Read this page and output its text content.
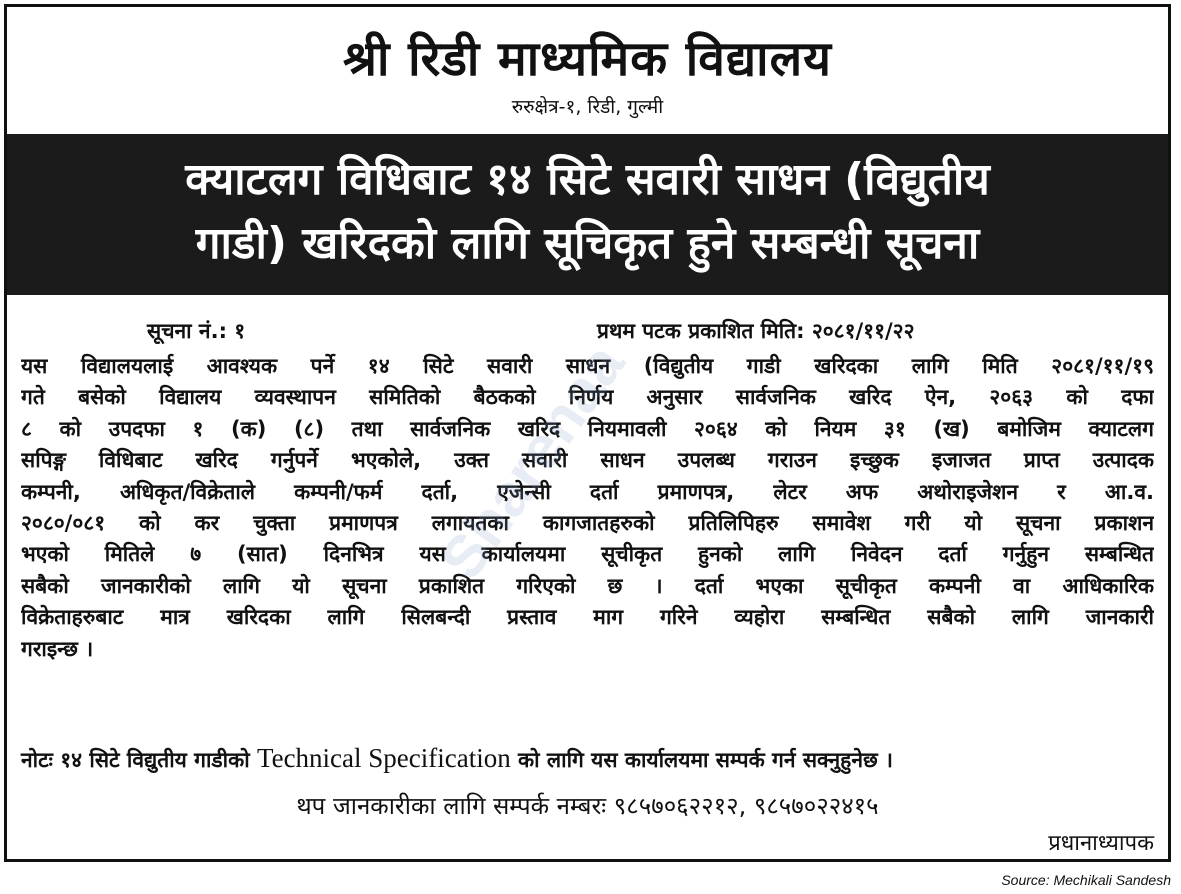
श्री रिडी माध्यमिक विद्यालय
रुरुक्षेत्र-१, रिडी, गुल्मी
क्याटलग विधिबाट १४ सिटे सवारी साधन (विद्युतीय
गाडी) खरिदको लागि सूचिकृत हुने सम्बन्धी सूचना
सूचना नं.: १	प्रथम पटक प्रकाशित मिति: २०८१/११/२२
यस विद्यालयलाई आवश्यक पर्ने १४ सिटे सवारी साधन (विद्युतीय गाडी खरिदका लागि मिति २०८१/११/१९
गते बसेको विद्यालय व्यवस्थापन समितिको बैठकको निर्णय अनुसार सार्वजनिक खरिद ऐन, २०६३ को दफा
८ को उपदफा १ (क) (८) तथा सार्वजनिक खरिद नियमावली २०६४ को नियम ३१ (ख) बमोजिम क्याटलग
सपिङ्ग विधिबाट खरिद गर्नुपर्ने भएकोले, उक्त सवारी साधन उपलब्ध गराउन इच्छुक इजाजत प्राप्त उत्पादक
कम्पनी, अधिकृत/विक्रेताले कम्पनी/फर्म दर्ता, एजेन्सी दर्ता प्रमाणपत्र, लेटर अफ अथोराइजेशन र आ.व.
२०८०/०८१ को कर चुक्ता प्रमाणपत्र लगायतका कागजातहरुको प्रतिलिपिहरु समावेश गरी यो सूचना प्रकाशन
भएको मितिले ७ (सात) दिनभित्र यस कार्यालयमा सूचीकृत हुनको लागि निवेदन दर्ता गर्नुहुन सम्बन्धित
सबैको जानकारीको लागि यो सूचना प्रकाशित गरिएको छ । दर्ता भएका सूचीकृत कम्पनी वा आधिकारिक
विक्रेताहरुबाट मात्र खरिदका लागि सिलबन्दी प्रस्ताव माग गरिने व्यहोरा सम्बन्धित सबैको लागि जानकारी
गराइन्छ ।
नोटः १४ सिटे विद्युतीय गाडीको Technical Specification को लागि यस कार्यालयमा सम्पर्क गर्न सक्नुहुनेछ ।
थप जानकारीका लागि सम्पर्क नम्बरः ९८५७०६२२१२, ९८५७०२२४१५
प्रधानाध्यापक
Sharenaa
Source: Mechikali Sandesh
